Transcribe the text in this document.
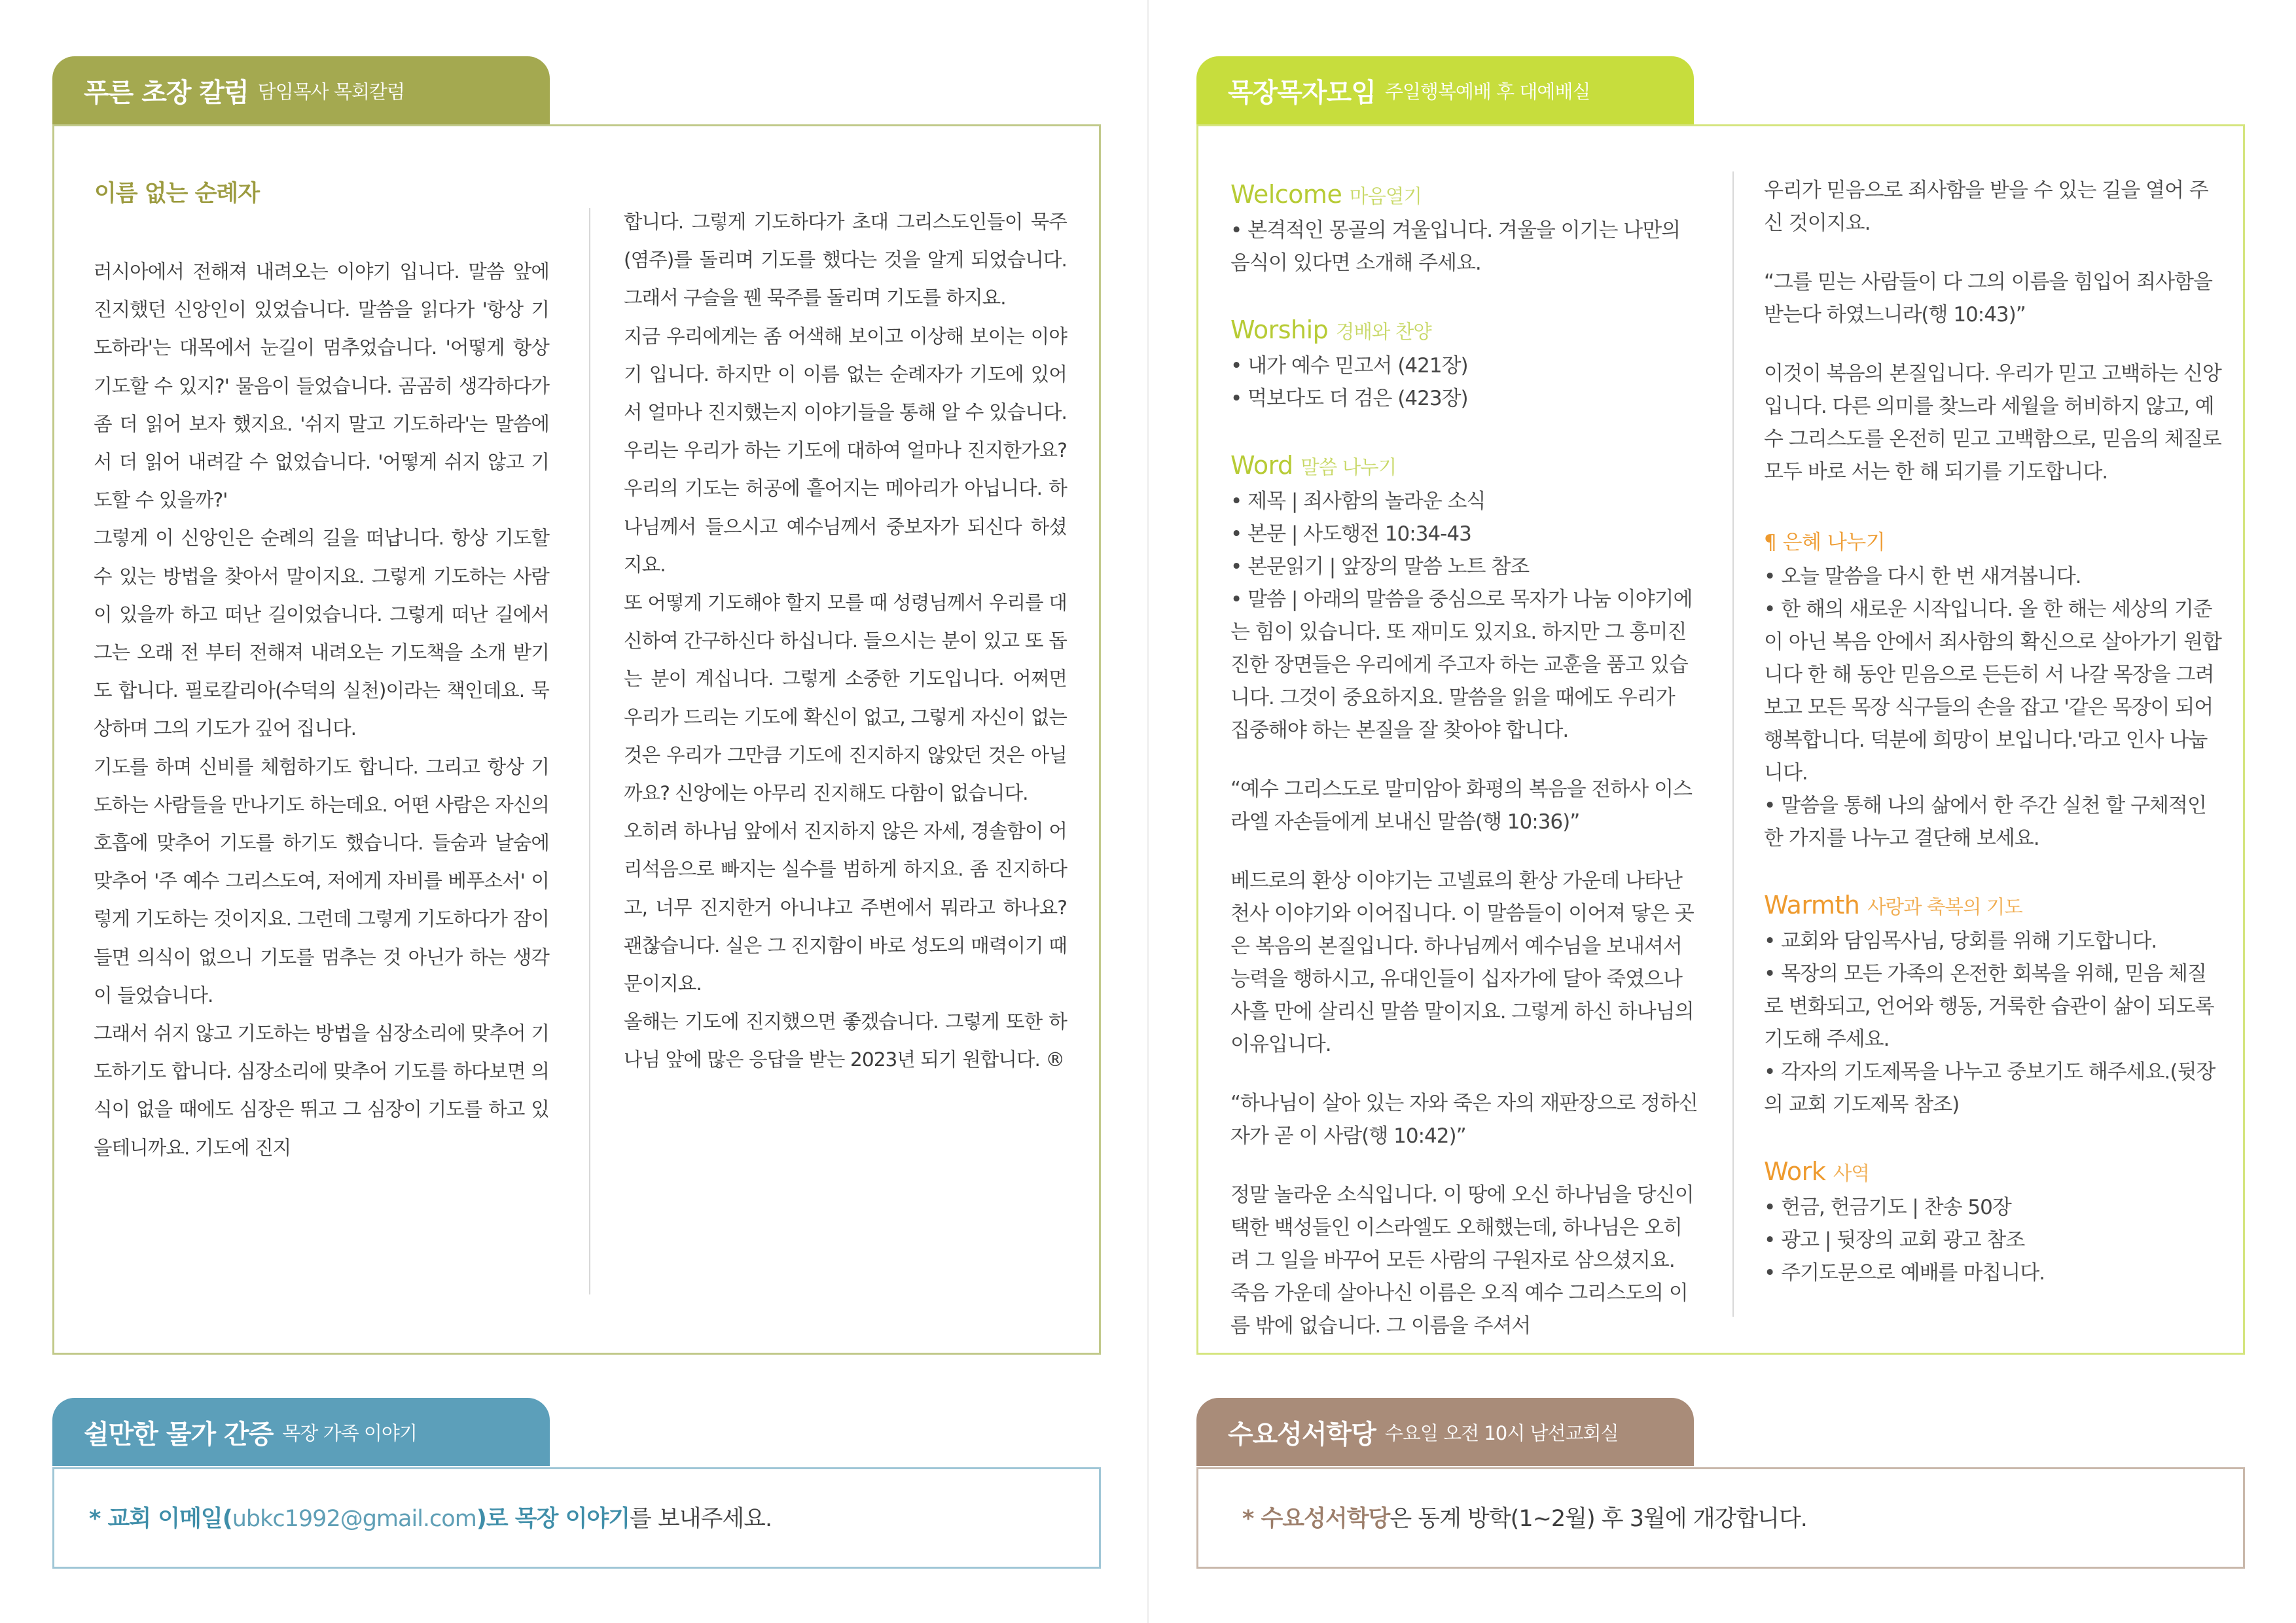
푸른 초장 칼럼 담임목사 목회칼럼
이름 없는 순례자

러시아에서 전해져 내려오는 이야기 입니다. 말씀 앞에 진지했던 신앙인이 있었습니다. 말씀을 읽다가 '항상 기도하라'는 대목에서 눈길이 멈추었습니다. '어떻게 항상 기도할 수 있지?' 물음이 들었습니다. 곰곰히 생각하다가 좀 더 읽어 보자 했지요. '쉬지 말고 기도하라'는 말씀에서 더 읽어 내려갈 수 없었습니다. '어떻게 쉬지 않고 기도할 수 있을까?'

그렇게 이 신앙인은 순례의 길을 떠납니다. 항상 기도할 수 있는 방법을 찾아서 말이지요. 그렇게 기도하는 사람이 있을까 하고 떠난 길이었습니다. 그렇게 떠난 길에서 그는 오래 전 부터 전해져 내려오는 기도책을 소개 받기도 합니다. 필로칼리아(수덕의 실천)이라는 책인데요. 묵상하며 그의 기도가 깊어 집니다.

기도를 하며 신비를 체험하기도 합니다. 그리고 항상 기도하는 사람들을 만나기도 하는데요. 어떤 사람은 자신의 호흡에 맞추어 기도를 하기도 했습니다. 들숨과 날숨에 맞추어 '주 예수 그리스도여, 저에게 자비를 베푸소서' 이렇게 기도하는 것이지요. 그런데 그렇게 기도하다가 잠이 들면 의식이 없으니 기도를 멈추는 것 아닌가 하는 생각이 들었습니다.

그래서 쉬지 않고 기도하는 방법을 심장소리에 맞추어 기도하기도 합니다. 심장소리에 맞추어 기도를 하다보면 의식이 없을 때에도 심장은 뛰고 그 심장이 기도를 하고 있을테니까요. 기도에 진지

합니다. 그렇게 기도하다가 초대 그리스도인들이 묵주(염주)를 돌리며 기도를 했다는 것을 알게 되었습니다. 그래서 구슬을 꿴 묵주를 돌리며 기도를 하지요.

지금 우리에게는 좀 어색해 보이고 이상해 보이는 이야기 입니다. 하지만 이 이름 없는 순례자가 기도에 있어서 얼마나 진지했는지 이야기들을 통해 알 수 있습니다. 우리는 우리가 하는 기도에 대하여 얼마나 진지한가요? 우리의 기도는 허공에 흩어지는 메아리가 아닙니다. 하나님께서 들으시고 예수님께서 중보자가 되신다 하셨지요.

또 어떻게 기도해야 할지 모를 때 성령님께서 우리를 대신하여 간구하신다 하십니다. 들으시는 분이 있고 또 돕는 분이 계십니다. 그렇게 소중한 기도입니다. 어쩌면 우리가 드리는 기도에 확신이 없고, 그렇게 자신이 없는 것은 우리가 그만큼 기도에 진지하지 않았던 것은 아닐까요? 신앙에는 아무리 진지해도 다함이 없습니다.

오히려 하나님 앞에서 진지하지 않은 자세, 경솔함이 어리석음으로 빠지는 실수를 범하게 하지요. 좀 진지하다고, 너무 진지한거 아니냐고 주변에서 뭐라고 하나요? 괜찮습니다. 실은 그 진지함이 바로 성도의 매력이기 때문이지요.

올해는 기도에 진지했으면 좋겠습니다. 그렇게 또한 하나님 앞에 많은 응답을 받는 2023년 되기 원합니다. ®

목장목자모임 주일행복예배 후 대예배실
Welcome 마음열기

• 본격적인 몽골의 겨울입니다. 겨울을 이기는 나만의 음식이 있다면 소개해 주세요.

Worship 경배와 찬양

• 내가 예수 믿고서 (421장)

• 먹보다도 더 검은 (423장)

Word 말씀 나누기

• 제목 | 죄사함의 놀라운 소식

• 본문 | 사도행전 10:34-43

• 본문읽기 | 앞장의 말씀 노트 참조

• 말씀 | 아래의 말씀을 중심으로 목자가 나눔 이야기에는 힘이 있습니다. 또 재미도 있지요. 하지만 그 흥미진진한 장면들은 우리에게 주고자 하는 교훈을 품고 있습니다. 그것이 중요하지요. 말씀을 읽을 때에도 우리가 집중해야 하는 본질을 잘 찾아야 합니다.

“예수 그리스도로 말미암아 화평의 복음을 전하사 이스라엘 자손들에게 보내신 말씀(행 10:36)”

베드로의 환상 이야기는 고넬료의 환상 가운데 나타난 천사 이야기와 이어집니다. 이 말씀들이 이어져 닿은 곳은 복음의 본질입니다. 하나님께서 예수님을 보내셔서 능력을 행하시고, 유대인들이 십자가에 달아 죽였으나 사흘 만에 살리신 말씀 말이지요. 그렇게 하신 하나님의 이유입니다.

“하나님이 살아 있는 자와 죽은 자의 재판장으로 정하신 자가 곧 이 사람(행 10:42)”

정말 놀라운 소식입니다. 이 땅에 오신 하나님을 당신이 택한 백성들인 이스라엘도 오해했는데, 하나님은 오히려 그 일을 바꾸어 모든 사람의 구원자로 삼으셨지요. 죽음 가운데 살아나신 이름은 오직 예수 그리스도의 이름 밖에 없습니다. 그 이름을 주셔서

우리가 믿음으로 죄사함을 받을 수 있는 길을 열어 주신 것이지요.

“그를 믿는 사람들이 다 그의 이름을 힘입어 죄사함을 받는다 하였느니라(행 10:43)”

이것이 복음의 본질입니다. 우리가 믿고 고백하는 신앙입니다. 다른 의미를 찾느라 세월을 허비하지 않고, 예수 그리스도를 온전히 믿고 고백함으로, 믿음의 체질로 모두 바로 서는 한 해 되기를 기도합니다.

¶ 은혜 나누기

• 오늘 말씀을 다시 한 번 새겨봅니다.

• 한 해의 새로운 시작입니다. 올 한 해는 세상의 기준이 아닌 복음 안에서 죄사함의 확신으로 살아가기 원합니다 한 해 동안 믿음으로 든든히 서 나갈 목장을 그려보고 모든 목장 식구들의 손을 잡고 '같은 목장이 되어 행복합니다. 덕분에 희망이 보입니다.'라고 인사 나눕니다.

• 말씀을 통해 나의 삶에서 한 주간 실천 할 구체적인 한 가지를 나누고 결단해 보세요.

Warmth 사랑과 축복의 기도

• 교회와 담임목사님, 당회를 위해 기도합니다.

• 목장의 모든 가족의 온전한 회복을 위해, 믿음 체질로 변화되고, 언어와 행동, 거룩한 습관이 삶이 되도록 기도해 주세요.

• 각자의 기도제목을 나누고 중보기도 해주세요.(뒷장의 교회 기도제목 참조)

Work 사역

• 헌금, 헌금기도 | 찬송 50장

• 광고 | 뒷장의 교회 광고 참조

• 주기도문으로 예배를 마칩니다.

쉴만한 물가 간증 목장 가족 이야기
* 교회 이메일(ubkc1992@gmail.com)로 목장 이야기를 보내주세요.
수요성서학당 수요일 오전 10시 남선교회실
* 수요성서학당은 동계 방학(1~2월) 후 3월에 개강합니다.
